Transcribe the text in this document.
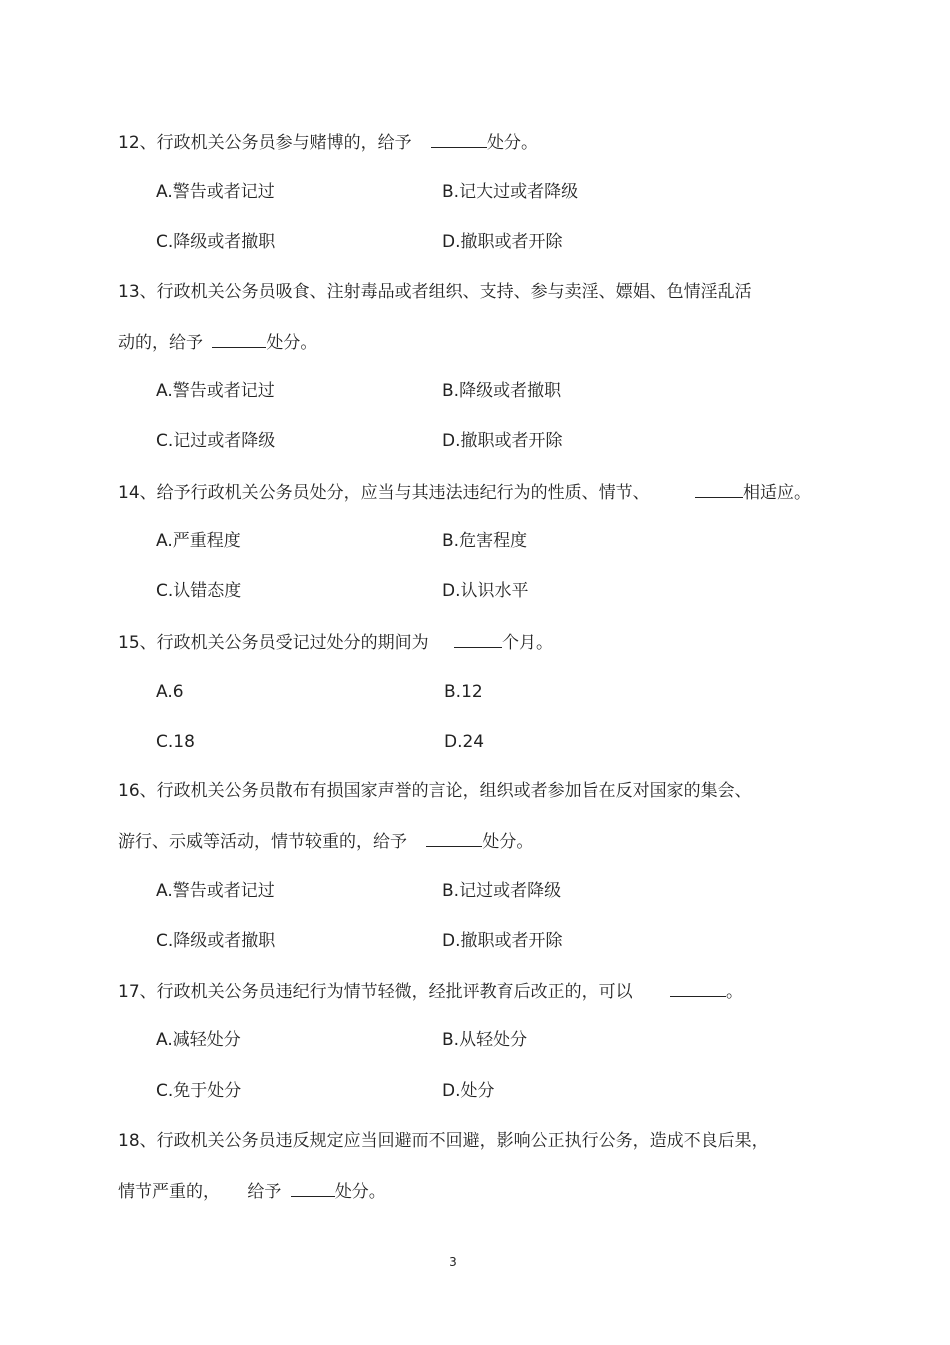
12、行政机关公务员参与赌博的，给予	处分。
A.警告或者记过	B.记大过或者降级
C.降级或者撤职	D.撤职或者开除
13、行政机关公务员吸食、注射毒品或者组织、支持、参与卖淫、嫖娼、色情淫乱活
动的，给予	处分。
A.警告或者记过	B.降级或者撤职
C.记过或者降级	D.撤职或者开除
14、给予行政机关公务员处分，应当与其违法违纪行为的性质、情节、	相适应。
A.严重程度	B.危害程度
C.认错态度	D.认识水平
15、行政机关公务员受记过处分的期间为	个月。
A.6	B.12
C.18	D.24
16、行政机关公务员散布有损国家声誉的言论，组织或者参加旨在反对国家的集会、
游行、示威等活动，情节较重的，给予	处分。
A.警告或者记过	B.记过或者降级
C.降级或者撤职	D.撤职或者开除
17、行政机关公务员违纪行为情节轻微，经批评教育后改正的，可以	。
A.减轻处分	B.从轻处分
C.免于处分	D.处分
18、行政机关公务员违反规定应当回避而不回避，影响公正执行公务，造成不良后果，
情节严重的， 给予	处分。
3
